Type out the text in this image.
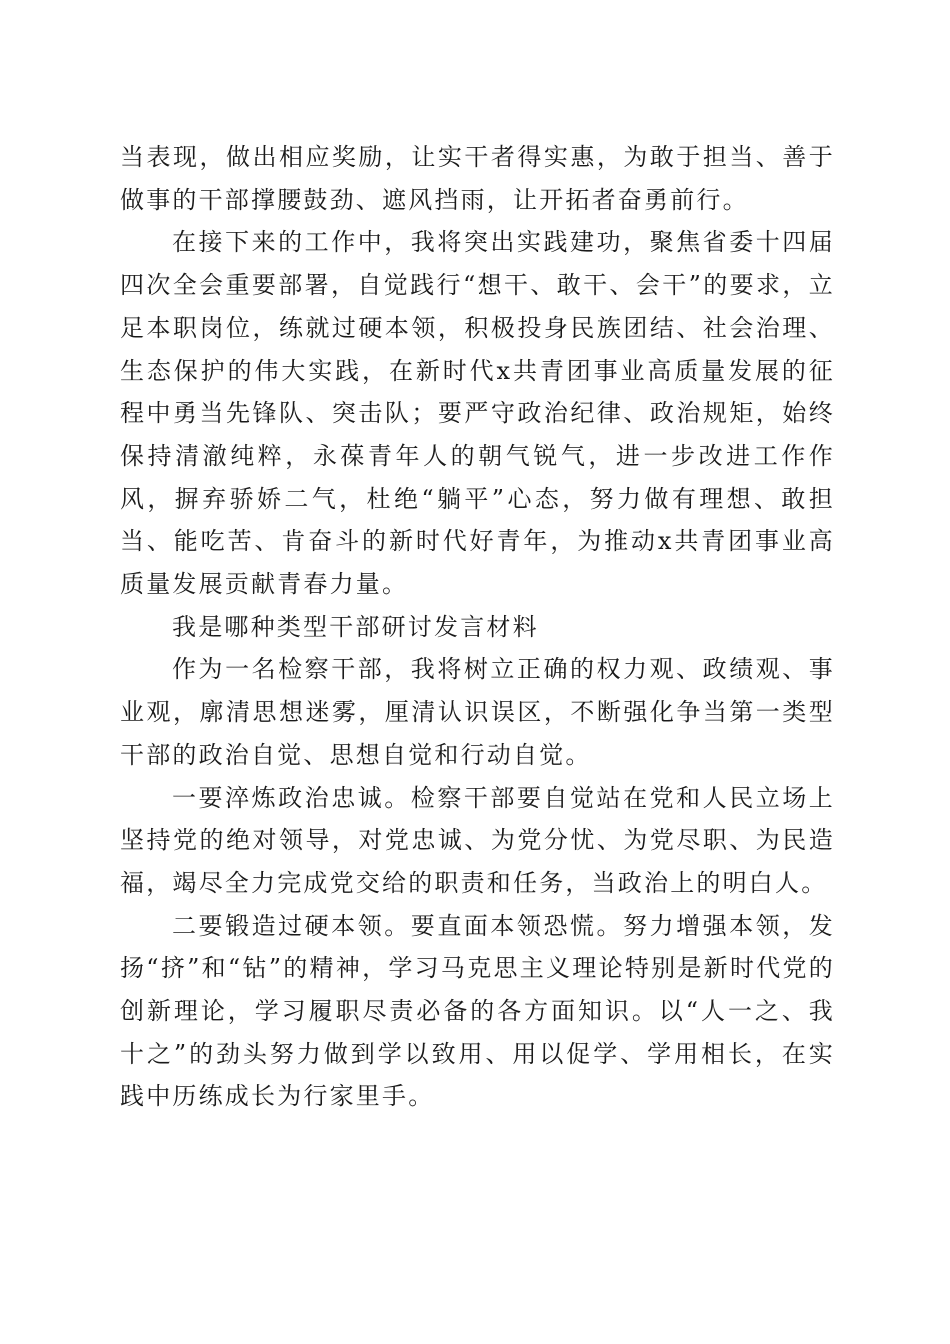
当表现，做出相应奖励，让实干者得实惠，为敢于担当、善于做事的干部撑腰鼓劲、遮风挡雨，让开拓者奋勇前行。

在接下来的工作中，我将突出实践建功，聚焦省委十四届四次全会重要部署，自觉践行“想干、敢干、会干”的要求，立足本职岗位，练就过硬本领，积极投身民族团结、社会治理、生态保护的伟大实践，在新时代x共青团事业高质量发展的征程中勇当先锋队、突击队；要严守政治纪律、政治规矩，始终保持清澈纯粹，永葆青年人的朝气锐气，进一步改进工作作风，摒弃骄娇二气，杜绝“躺平”心态，努力做有理想、敢担当、能吃苦、肯奋斗的新时代好青年，为推动x共青团事业高质量发展贡献青春力量。

我是哪种类型干部研讨发言材料

作为一名检察干部，我将树立正确的权力观、政绩观、事业观，廓清思想迷雾，厘清认识误区，不断强化争当第一类型干部的政治自觉、思想自觉和行动自觉。

一要淬炼政治忠诚。检察干部要自觉站在党和人民立场上坚持党的绝对领导，对党忠诚、为党分忧、为党尽职、为民造福，竭尽全力完成党交给的职责和任务，当政治上的明白人。

二要锻造过硬本领。要直面本领恐慌。努力增强本领，发扬“挤”和“钻”的精神，学习马克思主义理论特别是新时代党的创新理论，学习履职尽责必备的各方面知识。以“人一之、我十之”的劲头努力做到学以致用、用以促学、学用相长，在实践中历练成长为行家里手。
